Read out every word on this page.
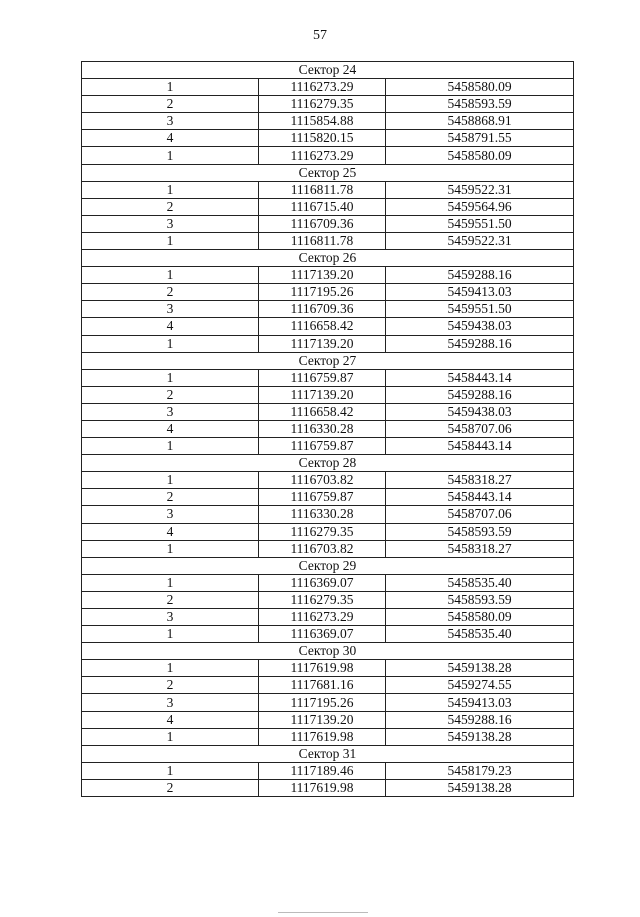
57
Сектор 24		
1	1116273.29	5458580.09
2	1116279.35	5458593.59
3	1115854.88	5458868.91
4	1115820.15	5458791.55
1	1116273.29	5458580.09
Сектор 25		
1	1116811.78	5459522.31
2	1116715.40	5459564.96
3	1116709.36	5459551.50
1	1116811.78	5459522.31
Сектор 26		
1	1117139.20	5459288.16
2	1117195.26	5459413.03
3	1116709.36	5459551.50
4	1116658.42	5459438.03
1	1117139.20	5459288.16
Сектор 27		
1	1116759.87	5458443.14
2	1117139.20	5459288.16
3	1116658.42	5459438.03
4	1116330.28	5458707.06
1	1116759.87	5458443.14
Сектор 28		
1	1116703.82	5458318.27
2	1116759.87	5458443.14
3	1116330.28	5458707.06
4	1116279.35	5458593.59
1	1116703.82	5458318.27
Сектор 29		
1	1116369.07	5458535.40
2	1116279.35	5458593.59
3	1116273.29	5458580.09
1	1116369.07	5458535.40
Сектор 30		
1	1117619.98	5459138.28
2	1117681.16	5459274.55
3	1117195.26	5459413.03
4	1117139.20	5459288.16
1	1117619.98	5459138.28
Сектор 31		
1	1117189.46	5458179.23
2	1117619.98	5459138.28
